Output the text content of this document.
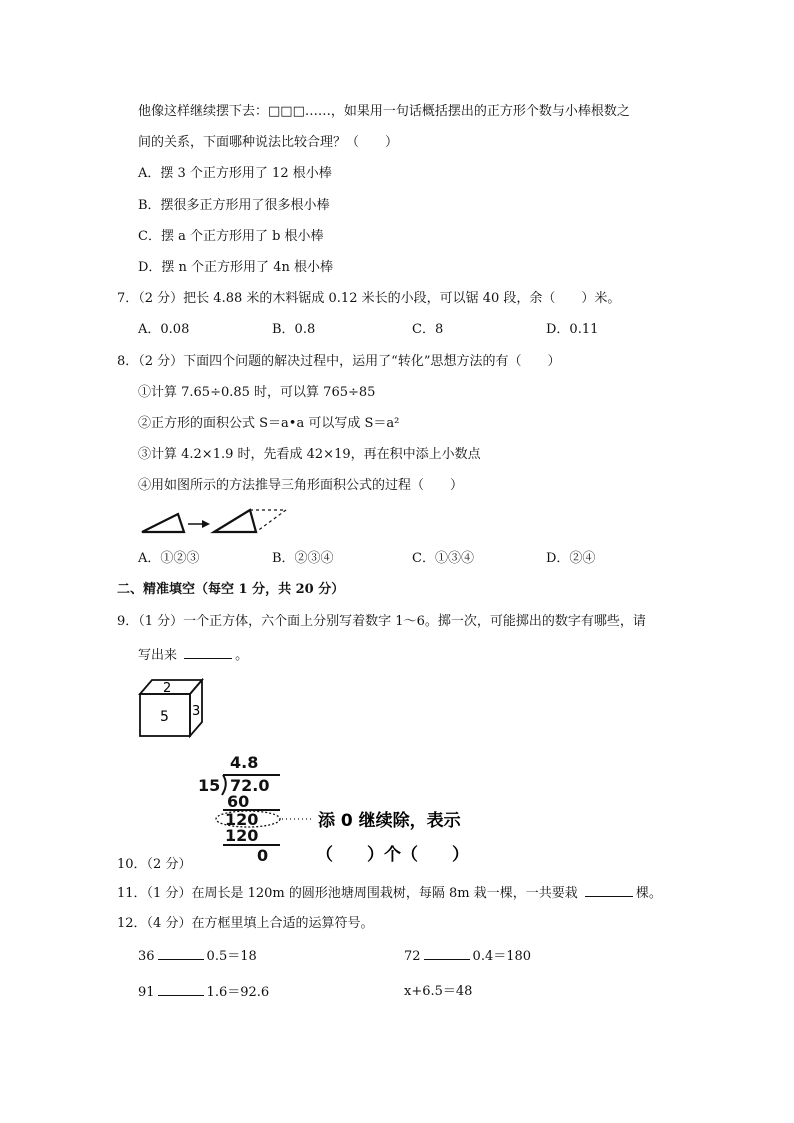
他像这样继续摆下去：□□□……，如果用一句话概括摆出的正方形个数与小棒根数之
间的关系，下面哪种说法比较合理？（　　）
A．摆 3 个正方形用了 12 根小棒
B．摆很多正方形用了很多根小棒
C．摆 a 个正方形用了 b 根小棒
D．摆 n 个正方形用了 4n 根小棒
7．（2 分）把长 4.88 米的木料锯成 0.12 米长的小段，可以锯 40 段，余（　　）米。
A．0.08	B．0.8	C．8	D．0.11
8．（2 分）下面四个问题的解决过程中，运用了“转化”思想方法的有（　　）
①计算 7.65÷0.85 时，可以算 765÷85
②正方形的面积公式 S＝a•a 可以写成 S＝a²
③计算 4.2×1.9 时，先看成 42×19，再在积中添上小数点
④用如图所示的方法推导三角形面积公式的过程（　　）
A．①②③	B．②③④	C．①③④	D．②④
二、精准填空（每空 1 分，共 20 分）
9．（1 分）一个正方体，六个面上分别写着数字 1～6。掷一次，可能掷出的数字有哪些，请
写出来	。
2
5 3
4.8
15 72.0
60
120
120
0
添 0 继续除，表示
（　　）个（　　）
10．（2 分）
11．（1 分）在周长是 120m 的圆形池塘周围栽树，每隔 8m 栽一棵，一共要栽	棵。
12．（4 分）在方框里填上合适的运算符号。
36	0.5＝18	72	0.4＝180
91	1.6＝92.6	x+6.5＝48
